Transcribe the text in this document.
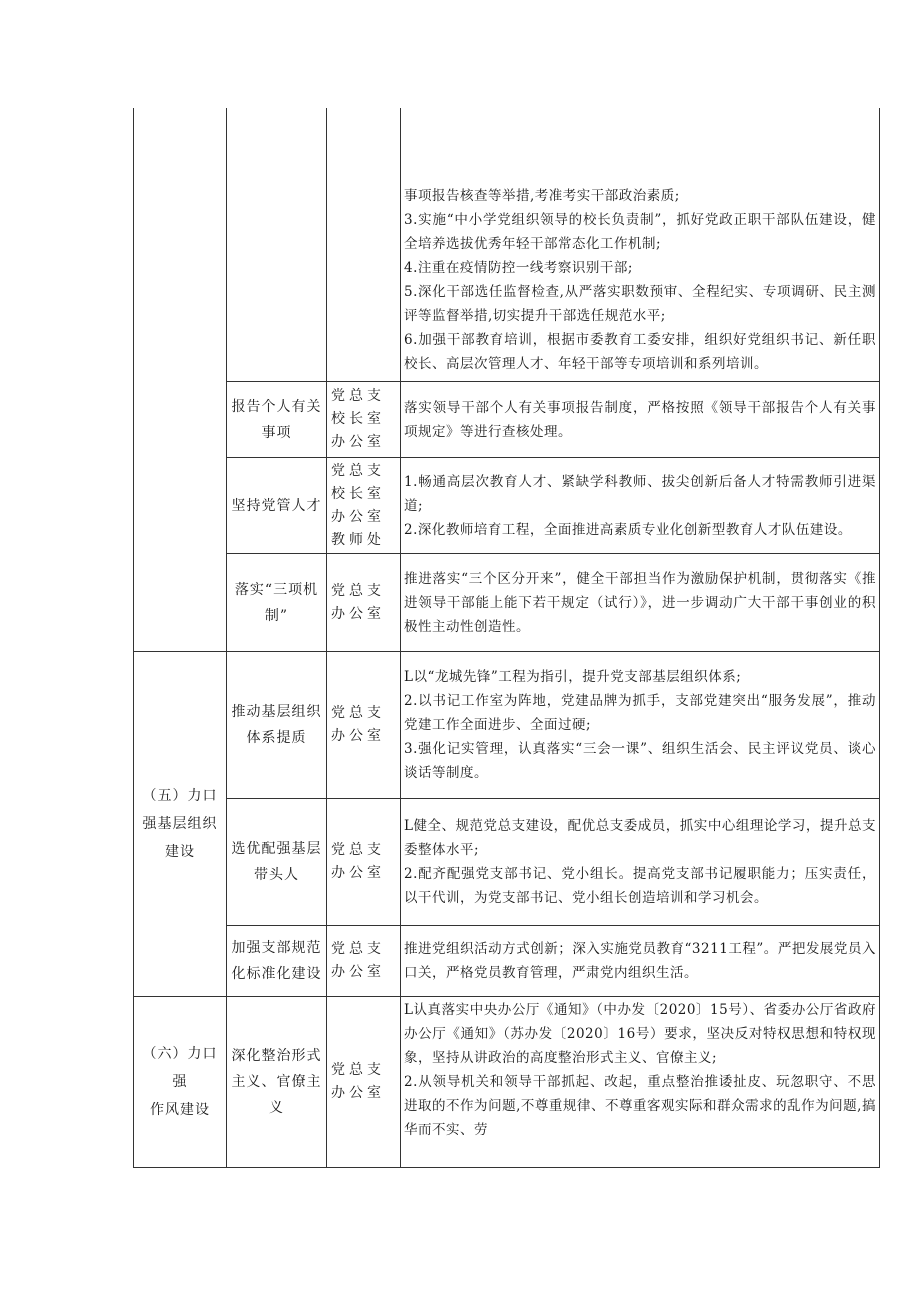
事项报告核查等举措,考准考实干部政治素质;

3.实施“中小学党组织领导的校长负责制”，抓好党政正职干部队伍建设，健全培养选拔优秀年轻干部常态化工作机制;

4.注重在疫情防控一线考察识别干部;

5.深化干部选任监督检查,从严落实职数预审、全程纪实、专项调研、民主测评等监督举措,切实提升干部选任规范水平;

6.加强干部教育培训，根据市委教育工委安排，组织好党组织书记、新任职校长、高层次管理人才、年轻干部等专项培训和系列培训。

报告个人有关事项
党总支校长室办公室

落实领导干部个人有关事项报告制度，严格按照《领导干部报告个人有关事项规定》等进行查核处理。

坚持党管人才
党总支校长室办公室教师处

1.畅通高层次教育人才、紧缺学科教师、拔尖创新后备人才特需教师引进渠道;

2.深化教师培育工程，全面推进高素质专业化创新型教育人才队伍建设。

落实“三项机制”
党总支办公室

推进落实“三个区分开来”，健全干部担当作为激励保护机制，贯彻落实《推进领导干部能上能下若干规定（试行）》，进一步调动广大干部干事创业的积极性主动性创造性。

（五）力口强基层组织建设
推动基层组织体系提质
党总支办公室

L以“龙城先锋”工程为指引，提升党支部基层组织体系;

2.以书记工作室为阵地，党建品牌为抓手，支部党建突出“服务发展”，推动党建工作全面进步、全面过硬;

3.强化记实管理，认真落实“三会一课”、组织生活会、民主评议党员、谈心谈话等制度。

选优配强基层带头人
党总支办公室

L健全、规范党总支建设，配优总支委成员，抓实中心组理论学习，提升总支委整体水平;

2.配齐配强党支部书记、党小组长。提高党支部书记履职能力；压实责任，以干代训，为党支部书记、党小组长创造培训和学习机会。

加强支部规范化标准化建设
党总支办公室

推进党组织活动方式创新；深入实施党员教育“3211工程”。严把发展党员入口关，严格党员教育管理，严肃党内组织生活。

（六）力口
强
作风建设
深化整治形式主义、官僚主义
党总支办公室

L认真落实中央办公厅《通知》（中办发〔2020〕15号）、省委办公厅省政府办公厅《通知》（苏办发〔2020〕16号）要求，坚决反对特权思想和特权现象，坚持从讲政治的高度整治形式主义、官僚主义;

2.从领导机关和领导干部抓起、改起，重点整治推诿扯皮、玩忽职守、不思进取的不作为问题,不尊重规律、不尊重客观实际和群众需求的乱作为问题,搞华而不实、劳
